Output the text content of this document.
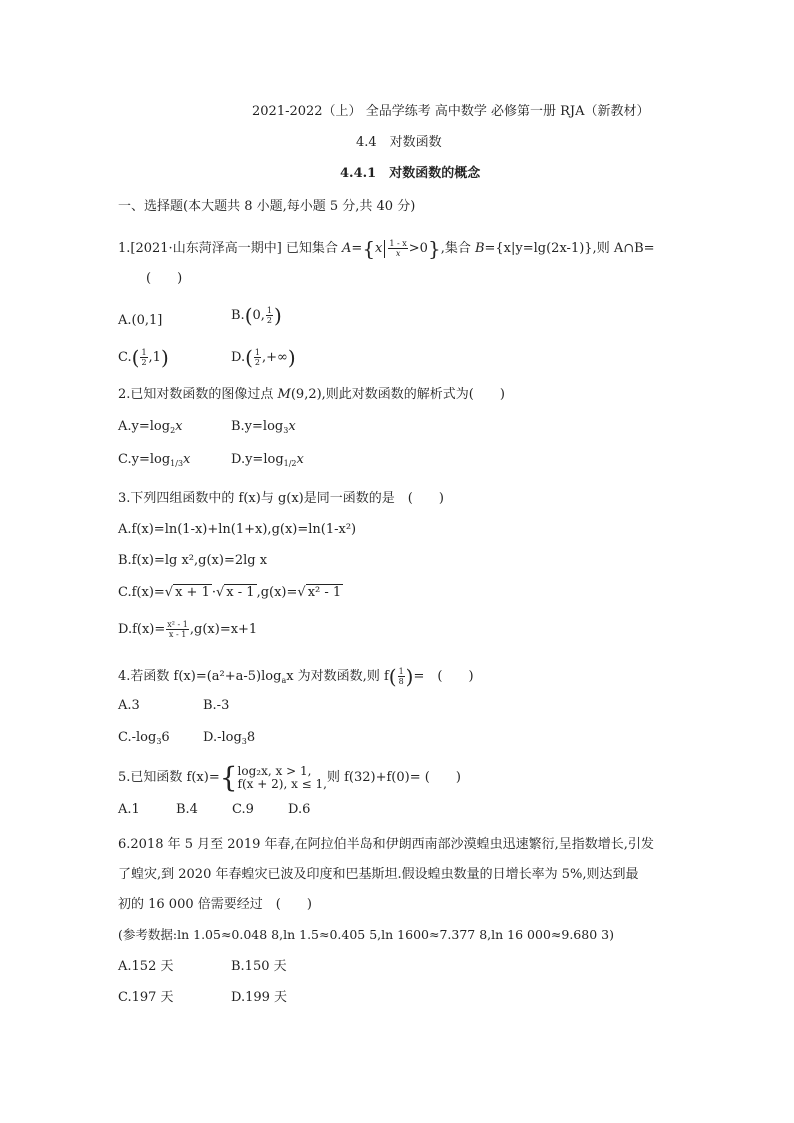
2021-2022（上） 全品学练考 高中数学 必修第一册 RJA（新教材）
4.4　对数函数
4.4.1　对数函数的概念
一、选择题(本大题共 8 小题,每小题 5 分,共 40 分)
1.[2021·山东菏泽高一期中] 已知集合 $A=\{x \frac{1 - x}{x} >0\}$,集合 B={x|y=lg(2x-1)},则 A∩B=
(　　)
A.(0,1]	B.(0, $\frac{1}{2}$ )
$C.( \frac{1}{2} ,1)$	$D.( \frac{1}{2}$ ,+∞)
2.已知对数函数的图像过点 M(9,2),则此对数函数的解析式为(　　)
$A.y=\log_2x$	$B.y=\log_3x$
$C.y=\log_{1/3}x$	$D.y=\log_{1/2}x$
3.下列四组函数中的 f(x)与 g(x)是同一函数的是　(　　)
A.f(x)=ln(1-x)+ln(1+x),g(x)=ln(1-x²)
B.f(x)=lg x²,g(x)=2lg x
C.f(x)=√ x + 1 ·√ x - 1 ,g(x)=√ x² - 1
$D.f(x)= \frac{\text{x² - 1}}{x - 1} ,g(x)=x+1$
4.若函数 $f(x)=(a^2+a-5)\log_ax$ 为对数函数,则 $f( \frac{1}{8}$ )=　(　　)
A.3	B.-3
$C.-\log_36$	$D.-\log_38$
5.已知函数 f(x)= { log₂x, x > 1,
f(x + 2), x ≤ 1, 则 f(32)+f(0)= (　　)
A.1	B.4	C.9	D.6
6.2018 年 5 月至 2019 年春,在阿拉伯半岛和伊朗西南部沙漠蝗虫迅速繁衍,呈指数增长,引发
了蝗灾,到 2020 年春蝗灾已波及印度和巴基斯坦.假设蝗虫数量的日增长率为 5%,则达到最
初的 16 000 倍需要经过　(　　)
(参考数据:ln 1.05≈0.048 8,ln 1.5≈0.405 5,ln 1600≈7.377 8,ln 16 000≈9.680 3)
A.152 天	B.150 天
C.197 天	D.199 天
